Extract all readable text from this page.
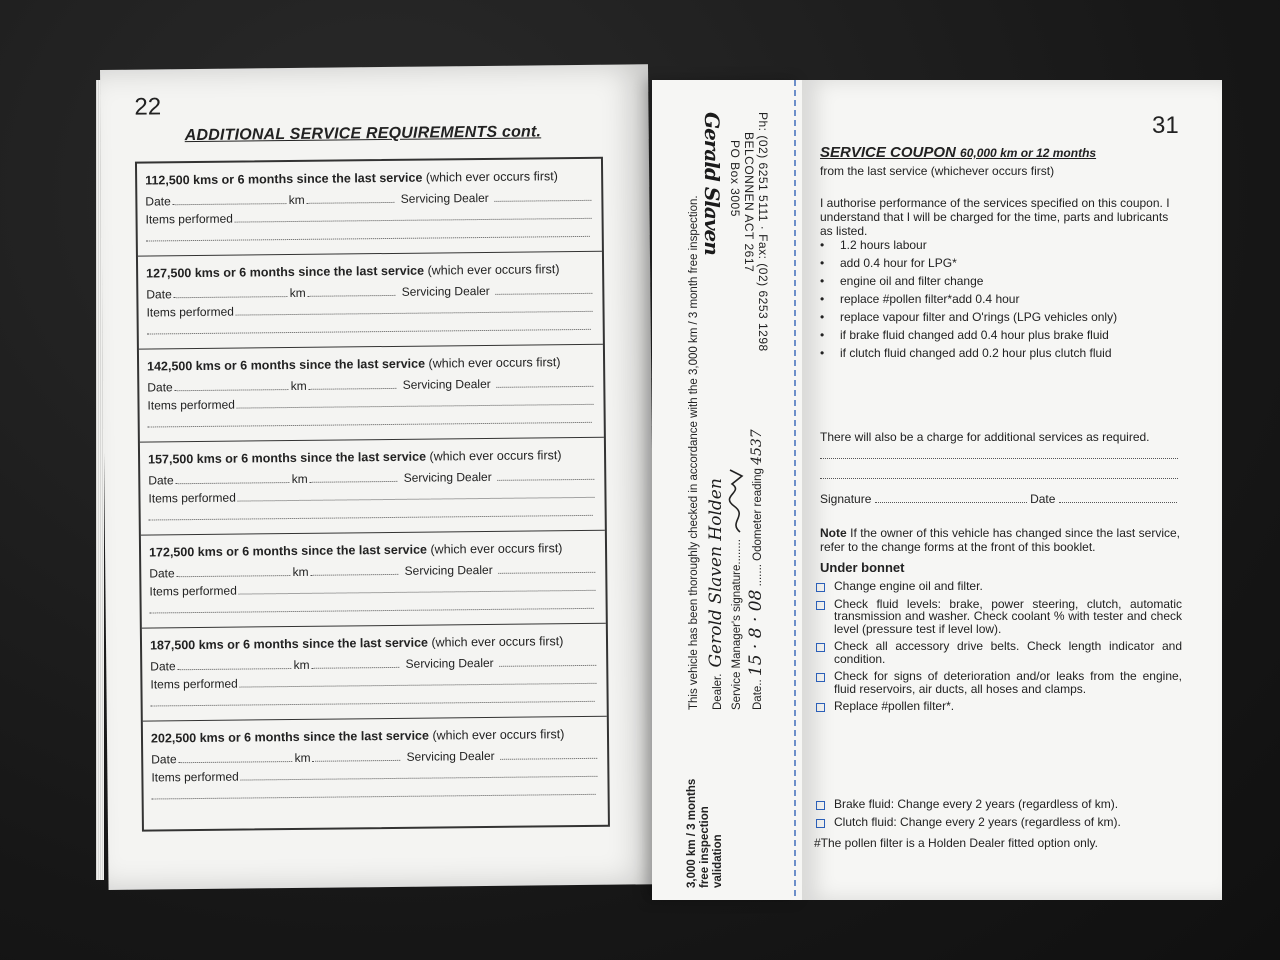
22
ADDITIONAL SERVICE REQUIREMENTS cont.
112,500 kms or 6 months since the last service (which ever occurs first)
Date	km	Servicing Dealer
Items performed
127,500 kms or 6 months since the last service (which ever occurs first)
Date	km	Servicing Dealer
Items performed
142,500 kms or 6 months since the last service (which ever occurs first)
Date	km	Servicing Dealer
Items performed
157,500 kms or 6 months since the last service (which ever occurs first)
Date	km	Servicing Dealer
Items performed
172,500 kms or 6 months since the last service (which ever occurs first)
Date	km	Servicing Dealer
Items performed
187,500 kms or 6 months since the last service (which ever occurs first)
Date	km	Servicing Dealer
Items performed
202,500 kms or 6 months since the last service (which ever occurs first)
Date	km	Servicing Dealer
Items performed
3,000 km / 3 months free inspection validation
This vehicle has been thoroughly checked in accordance with the 3,000 km / 3 month free inspection.	Dealer.Gerold Slaven Holden Service Manager's signature........
Date.. 15 · 8 · 08 ....... Odometer reading 4537
Gerald Slaven PO Box 3005 BELCONNEN ACT 2617 Ph: (02) 6251 5111 · Fax: (02) 6253 1298	31
SERVICE COUPON 60,000 km or 12 months
from the last service (whichever occurs first)
I authorise performance of the services specified on this coupon. I understand that I will be charged for the time, parts and lubricants as listed.
•	1.2 hours labour
•	add 0.4 hour for LPG*
•	engine oil and filter change
•	replace #pollen filter*add 0.4 hour
•	replace vapour filter and O'rings (LPG vehicles only)
•	if brake fluid changed add 0.4 hour plus brake fluid
•	if clutch fluid changed add 0.2 hour plus clutch fluid
There will also be a charge for additional services as required.
Signature	Date
Note If the owner of this vehicle has changed since the last service, refer to the change forms at the front of this booklet.
Under bonnet
Change engine oil and filter.
Check fluid levels: brake, power steering, clutch, automatic transmission and washer. Check coolant % with tester and check level (pressure test if level low).
Check all accessory drive belts. Check length indicator and condition.
Check for signs of deterioration and/or leaks from the engine, fluid reservoirs, air ducts, all hoses and clamps.
Replace #pollen filter*.
Brake fluid: Change every 2 years (regardless of km).
Clutch fluid: Change every 2 years (regardless of km).
#The pollen filter is a Holden Dealer fitted option only.
